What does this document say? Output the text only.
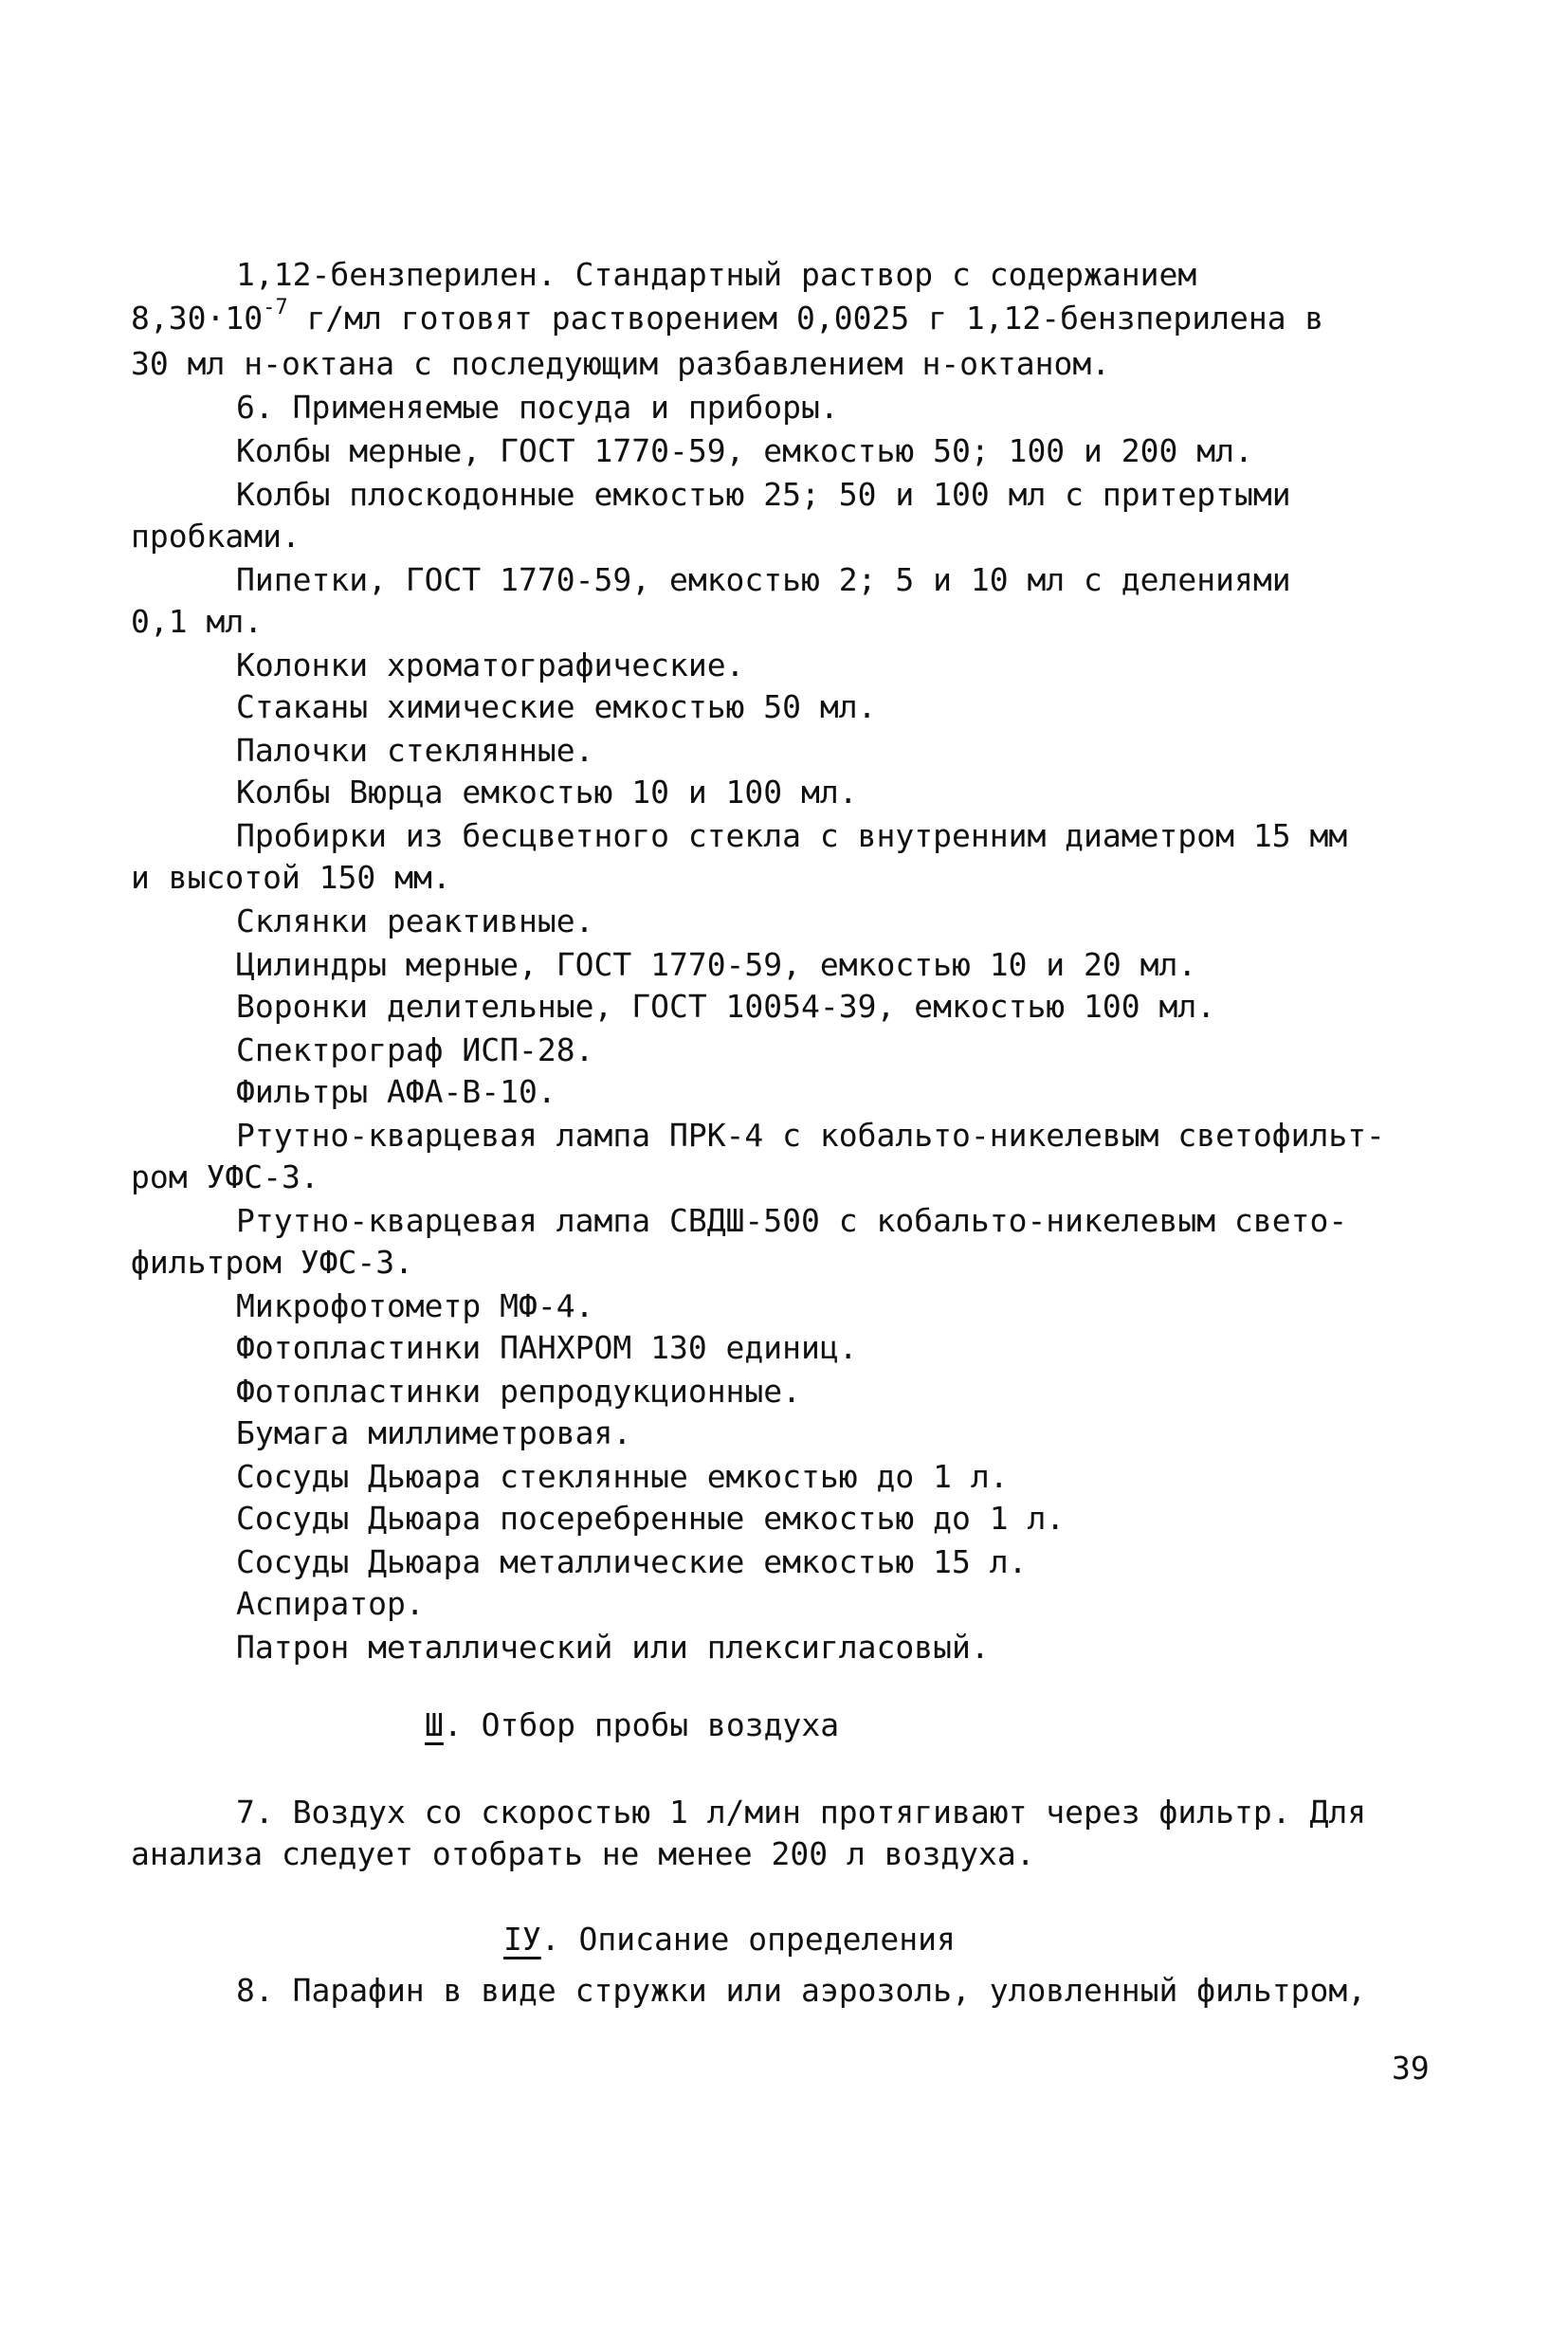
1,12-бензперилен. Стандартный раствор с содержанием
$8,30\cdot 10^{-7}$ г/мл готовят растворением 0,0025 г 1,12-бензперилена в
30 мл н-октана с последующим разбавлением н-октаном.
6. Применяемые посуда и приборы.
Колбы мерные, ГОСТ 1770-59, емкостью 50; 100 и 200 мл.
Колбы плоскодонные емкостью 25; 50 и 100 мл с притертыми
пробками.
Пипетки, ГОСТ 1770-59, емкостью 2; 5 и 10 мл с делениями
0,1 мл.
Колонки хроматографические.
Стаканы химические емкостью 50 мл.
Палочки стеклянные.
Колбы Вюрца емкостью 10 и 100 мл.
Пробирки из бесцветного стекла с внутренним диаметром 15 мм
и высотой 150 мм.
Склянки реактивные.
Цилиндры мерные, ГОСТ 1770-59, емкостью 10 и 20 мл.
Воронки делительные, ГОСТ 10054-39, емкостью 100 мл.
Спектрограф ИСП-28.
Фильтры АФА-В-10.
Ртутно-кварцевая лампа ПРК-4 с кобальто-никелевым светофильт-
ром УФС-3.
Ртутно-кварцевая лампа СВДШ-500 с кобальто-никелевым свето-
фильтром УФС-3.
Микрофотометр МФ-4.
Фотопластинки ПАНХРОМ 130 единиц.
Фотопластинки репродукционные.
Бумага миллиметровая.
Сосуды Дьюара стеклянные емкостью до 1 л.
Сосуды Дьюара посеребренные емкостью до 1 л.
Сосуды Дьюара металлические емкостью 15 л.
Аспиратор.
Патрон металлический или плексигласовый.
Ш. Отбор пробы воздуха
7. Воздух со скоростью 1 л/мин протягивают через фильтр. Для
анализа следует отобрать не менее 200 л воздуха.
IУ. Описание определения
8. Парафин в виде стружки или аэрозоль, уловленный фильтром,
39
